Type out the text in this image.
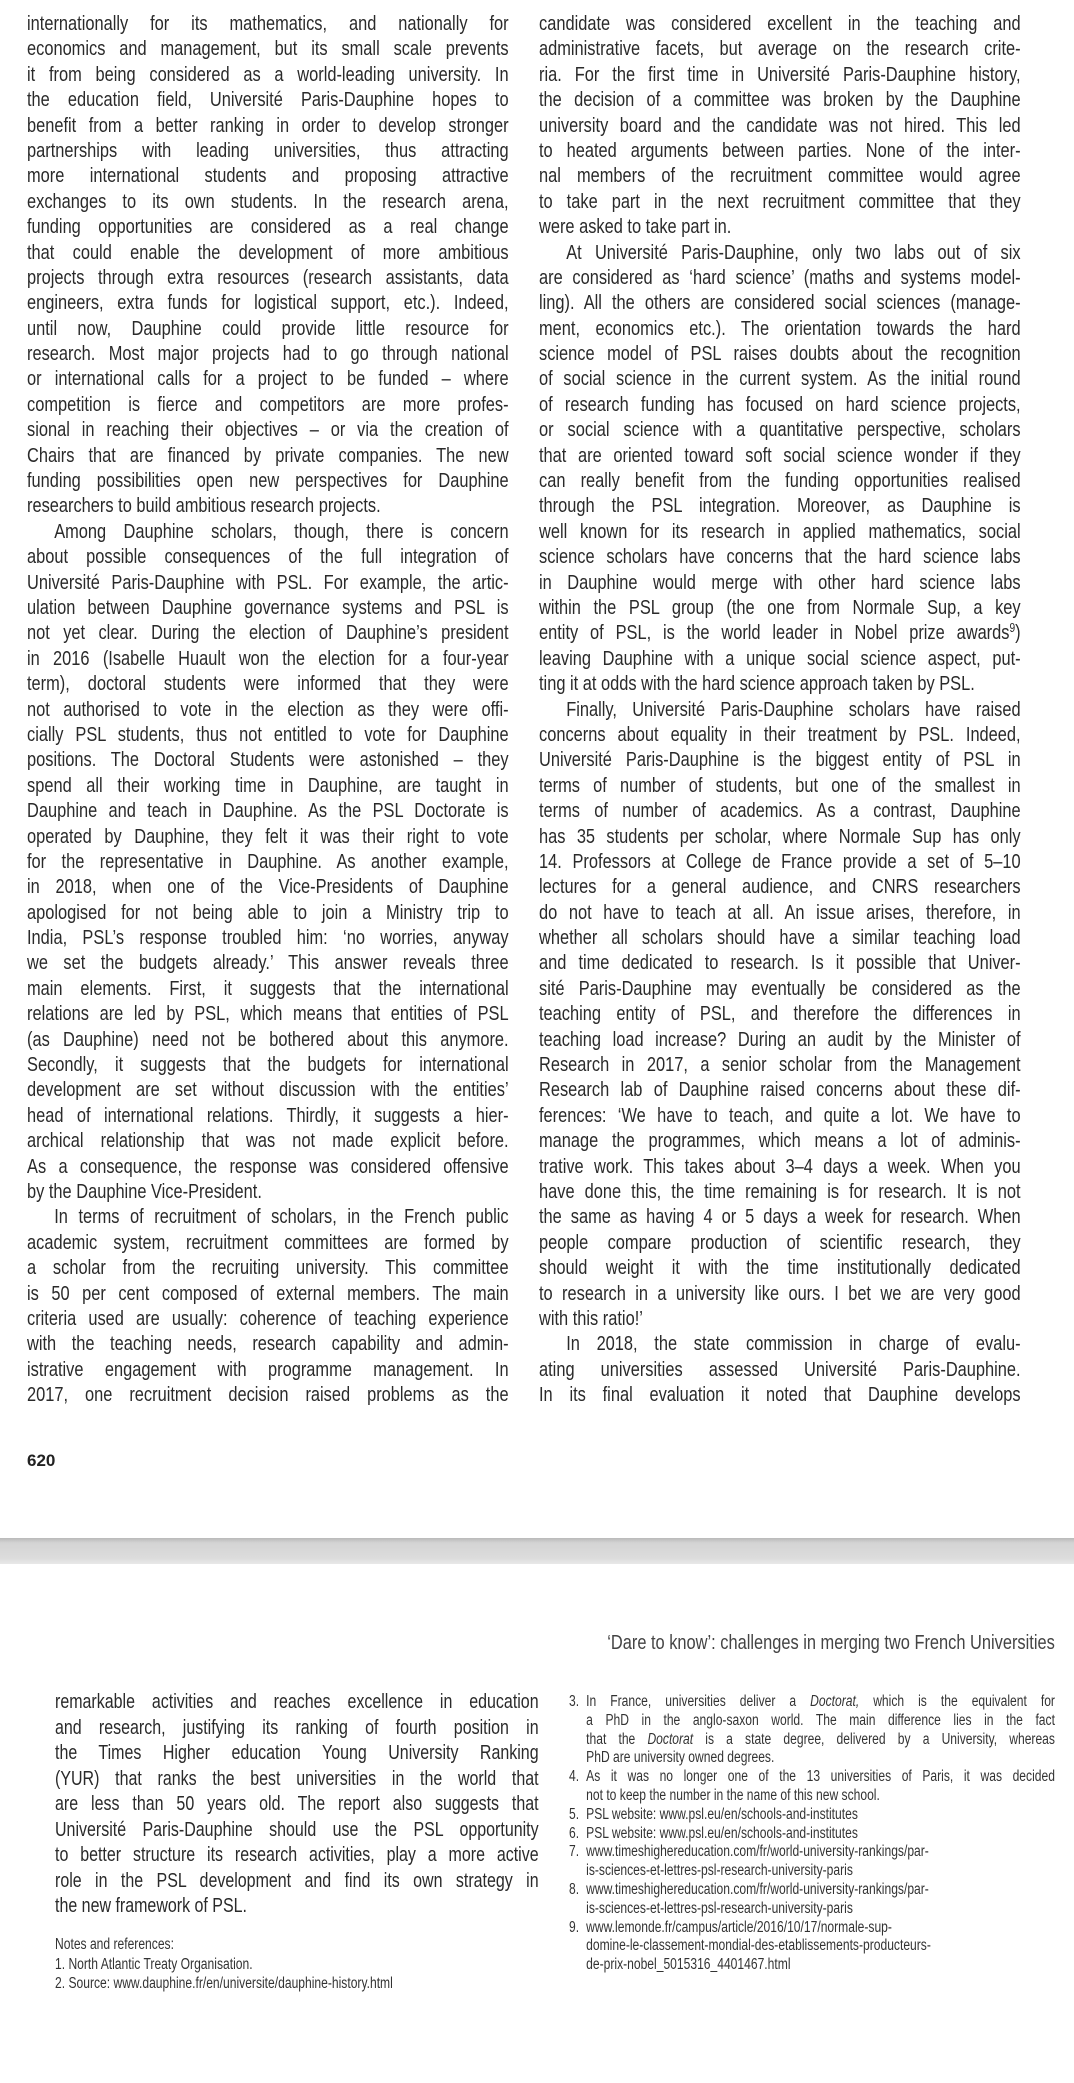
internationally for its mathematics, and nationally for
economics and management, but its small scale prevents
it from being considered as a world-leading university. In
the education field, Université Paris-Dauphine hopes to
benefit from a better ranking in order to develop stronger
partnerships with leading universities, thus attracting
more international students and proposing attractive
exchanges to its own students. In the research arena,
funding opportunities are considered as a real change
that could enable the development of more ambitious
projects through extra resources (research assistants, data
engineers, extra funds for logistical support, etc.). Indeed,
until now, Dauphine could provide little resource for
research. Most major projects had to go through national
or international calls for a project to be funded – where
competition is fierce and competitors are more profes-
sional in reaching their objectives – or via the creation of
Chairs that are financed by private companies. The new
funding possibilities open new perspectives for Dauphine
researchers to build ambitious research projects.
Among Dauphine scholars, though, there is concern
about possible consequences of the full integration of
Université Paris-Dauphine with PSL. For example, the artic-
ulation between Dauphine governance systems and PSL is
not yet clear. During the election of Dauphine’s president
in 2016 (Isabelle Huault won the election for a four-year
term), doctoral students were informed that they were
not authorised to vote in the election as they were offi-
cially PSL students, thus not entitled to vote for Dauphine
positions. The Doctoral Students were astonished – they
spend all their working time in Dauphine, are taught in
Dauphine and teach in Dauphine. As the PSL Doctorate is
operated by Dauphine, they felt it was their right to vote
for the representative in Dauphine. As another example,
in 2018, when one of the Vice-Presidents of Dauphine
apologised for not being able to join a Ministry trip to
India, PSL’s response troubled him: ‘no worries, anyway
we set the budgets already.’ This answer reveals three
main elements. First, it suggests that the international
relations are led by PSL, which means that entities of PSL
(as Dauphine) need not be bothered about this anymore.
Secondly, it suggests that the budgets for international
development are set without discussion with the entities’
head of international relations. Thirdly, it suggests a hier-
archical relationship that was not made explicit before.
As a consequence, the response was considered offensive
by the Dauphine Vice-President.
In terms of recruitment of scholars, in the French public
academic system, recruitment committees are formed by
a scholar from the recruiting university. This committee
is 50 per cent composed of external members. The main
criteria used are usually: coherence of teaching experience
with the teaching needs, research capability and admin-
istrative engagement with programme management. In
2017, one recruitment decision raised problems as the
candidate was considered excellent in the teaching and
administrative facets, but average on the research crite-
ria. For the first time in Université Paris-Dauphine history,
the decision of a committee was broken by the Dauphine
university board and the candidate was not hired. This led
to heated arguments between parties. None of the inter-
nal members of the recruitment committee would agree
to take part in the next recruitment committee that they
were asked to take part in.
At Université Paris-Dauphine, only two labs out of six
are considered as ‘hard science’ (maths and systems model-
ling). All the others are considered social sciences (manage-
ment, economics etc.). The orientation towards the hard
science model of PSL raises doubts about the recognition
of social science in the current system. As the initial round
of research funding has focused on hard science projects,
or social science with a quantitative perspective, scholars
that are oriented toward soft social science wonder if they
can really benefit from the funding opportunities realised
through the PSL integration. Moreover, as Dauphine is
well known for its research in applied mathematics, social
science scholars have concerns that the hard science labs
in Dauphine would merge with other hard science labs
within the PSL group (the one from Normale Sup, a key
entity of PSL, is the world leader in Nobel prize awards$^9$)
leaving Dauphine with a unique social science aspect, put-
ting it at odds with the hard science approach taken by PSL.
Finally, Université Paris-Dauphine scholars have raised
concerns about equality in their treatment by PSL. Indeed,
Université Paris-Dauphine is the biggest entity of PSL in
terms of number of students, but one of the smallest in
terms of number of academics. As a contrast, Dauphine
has 35 students per scholar, where Normale Sup has only
14. Professors at College de France provide a set of 5–10
lectures for a general audience, and CNRS researchers
do not have to teach at all. An issue arises, therefore, in
whether all scholars should have a similar teaching load
and time dedicated to research. Is it possible that Univer-
sité Paris-Dauphine may eventually be considered as the
teaching entity of PSL, and therefore the differences in
teaching load increase? During an audit by the Minister of
Research in 2017, a senior scholar from the Management
Research lab of Dauphine raised concerns about these dif-
ferences: ‘We have to teach, and quite a lot. We have to
manage the programmes, which means a lot of adminis-
trative work. This takes about 3–4 days a week. When you
have done this, the time remaining is for research. It is not
the same as having 4 or 5 days a week for research. When
people compare production of scientific research, they
should weight it with the time institutionally dedicated
to research in a university like ours. I bet we are very good
with this ratio!’
In 2018, the state commission in charge of evalu-
ating universities assessed Université Paris-Dauphine.
In its final evaluation it noted that Dauphine develops
620
‘Dare to know’: challenges in merging two French Universities
remarkable activities and reaches excellence in education
and research, justifying its ranking of fourth position in
the Times Higher education Young University Ranking
(YUR) that ranks the best universities in the world that
are less than 50 years old. The report also suggests that
Université Paris-Dauphine should use the PSL opportunity
to better structure its research activities, play a more active
role in the PSL development and find its own strategy in
the new framework of PSL.
Notes and references:
1. North Atlantic Treaty Organisation.
2. Source: www.dauphine.fr/en/universite/dauphine-history.html
3. In France, universities deliver a Doctorat, which is the equivalent for
a PhD in the anglo-saxon world. The main difference lies in the fact
that the Doctorat is a state degree, delivered by a University, whereas
PhD are university owned degrees.
4. As it was no longer one of the 13 universities of Paris, it was decided
not to keep the number in the name of this new school.
5. PSL website: www.psl.eu/en/schools-and-institutes
6. PSL website: www.psl.eu/en/schools-and-institutes
7. www.timeshighereducation.com/fr/world-university-rankings/par-
is-sciences-et-lettres-psl-research-university-paris
8. www.timeshighereducation.com/fr/world-university-rankings/par-
is-sciences-et-lettres-psl-research-university-paris
9. www.lemonde.fr/campus/article/2016/10/17/normale-sup-
domine-le-classement-mondial-des-etablissements-producteurs-
de-prix-nobel_5015316_4401467.html
